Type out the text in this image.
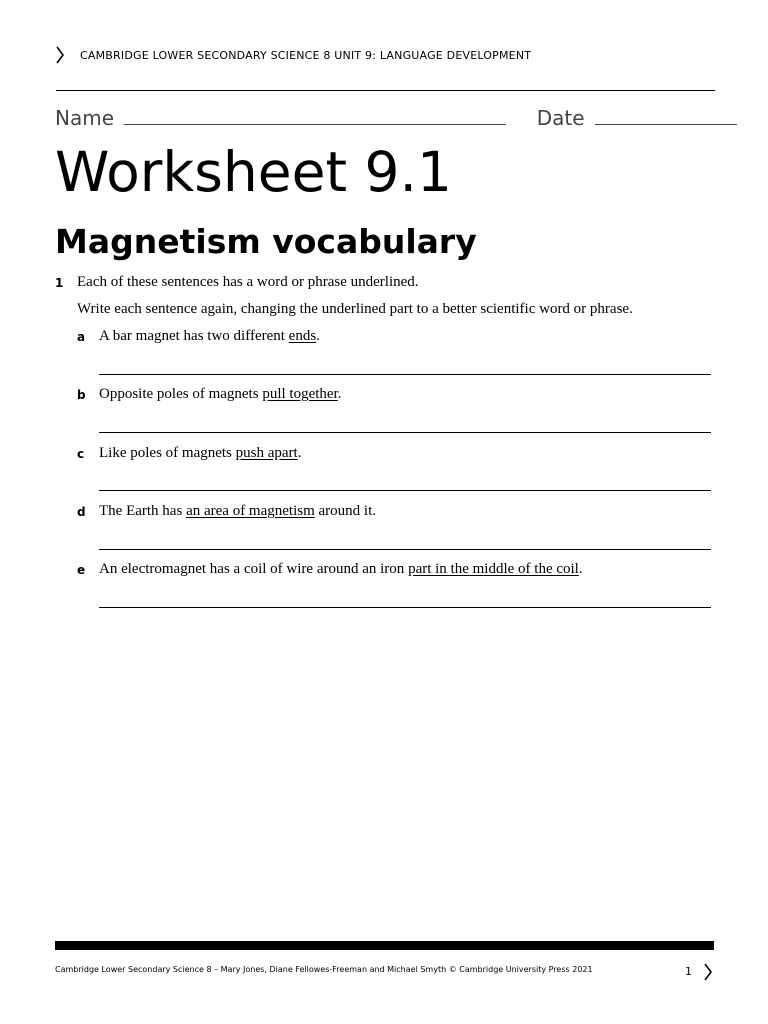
CAMBRIDGE LOWER SECONDARY SCIENCE 8 UNIT 9: LANGUAGE DEVELOPMENT
Name	Date
Worksheet 9.1
Magnetism vocabulary
1 Each of these sentences has a word or phrase underlined.
Write each sentence again, changing the underlined part to a better scientific word or phrase.
a A bar magnet has two different ends.
b Opposite poles of magnets pull together.
c Like poles of magnets push apart.
d The Earth has an area of magnetism around it.
e An electromagnet has a coil of wire around an iron part in the middle of the coil.
Cambridge Lower Secondary Science 8 – Mary Jones, Diane Fellowes-Freeman and Michael Smyth © Cambridge University Press 2021	1
